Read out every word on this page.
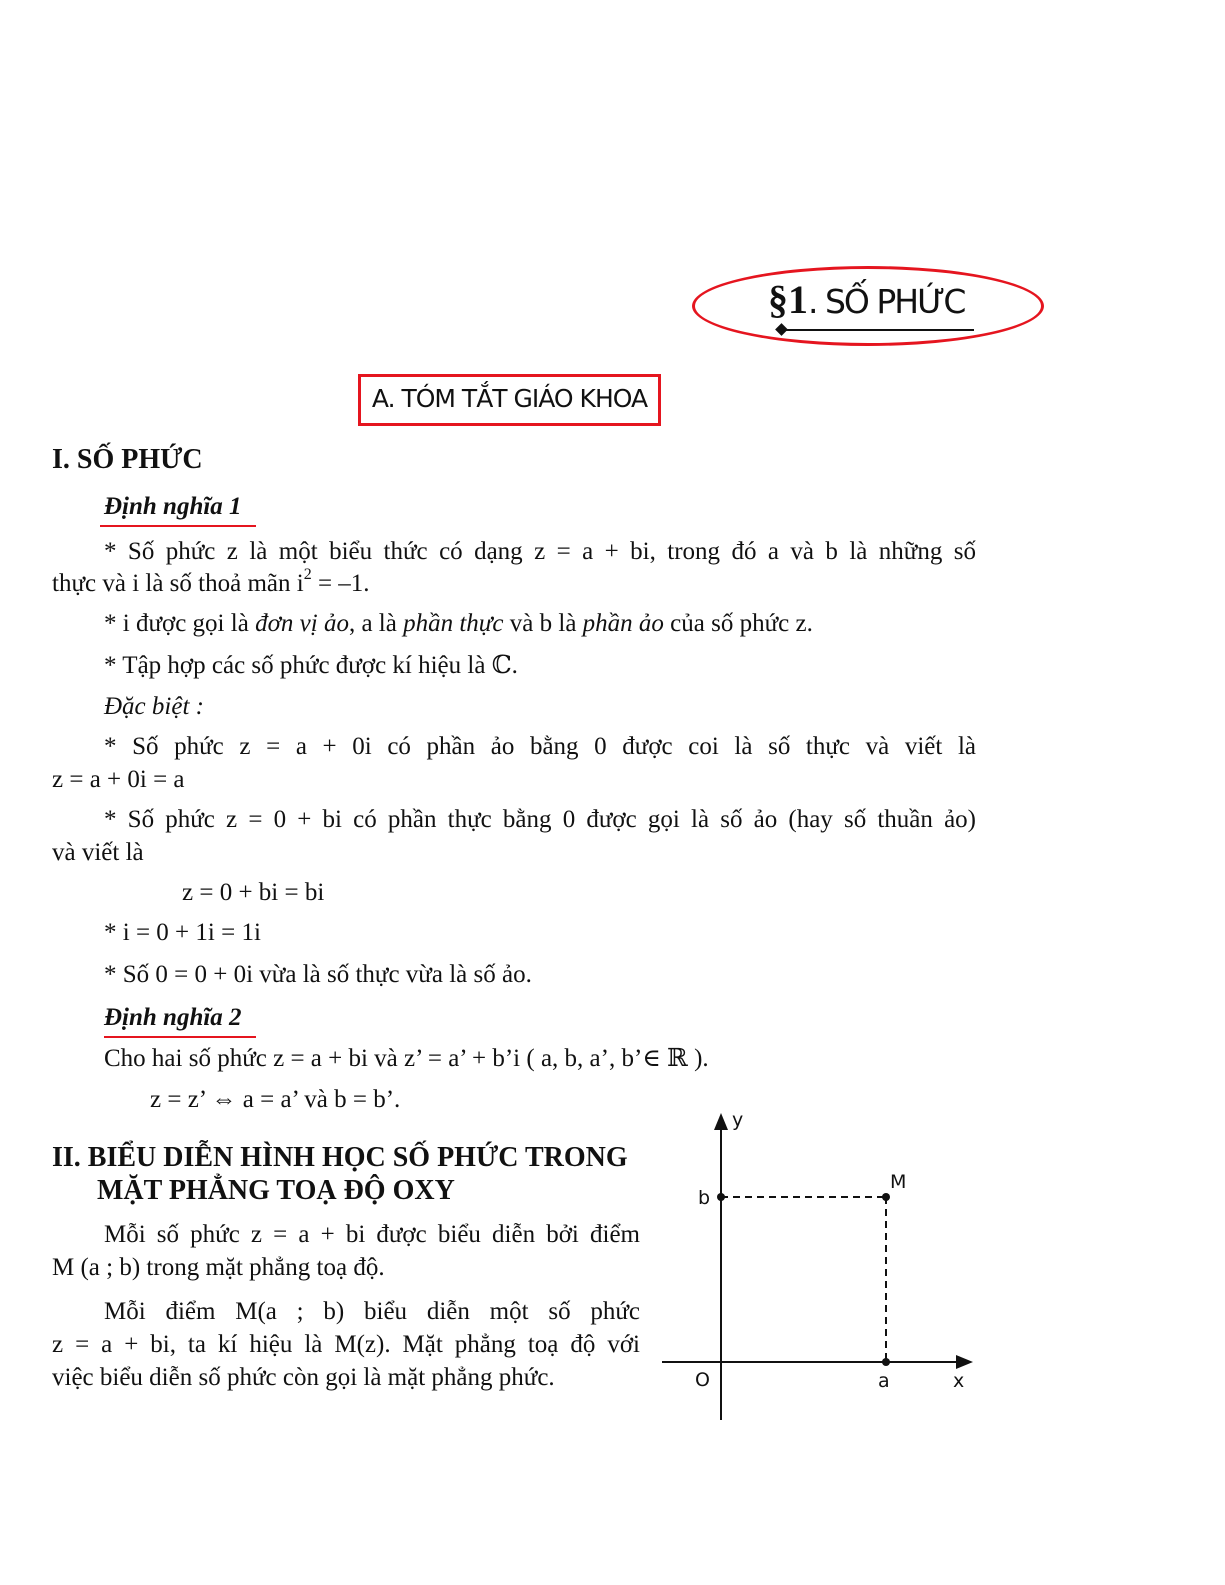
§1. SỐ PHỨC
A. TÓM TẮT GIÁO KHOA
I. SỐ PHỨC
Định nghĩa 1
* Số phức z là một biểu thức có dạng z = a + bi, trong đó a và b là những số
thực và i là số thoả mãn $i^2 = -1$.
* i được gọi là đơn vị ảo, a là phần thực và b là phần ảo của số phức z.
* Tập hợp các số phức được kí hiệu là ℂ.
Đặc biệt :
* Số phức z = a + 0i có phần ảo bằng 0 được coi là số thực và viết là
z = a + 0i = a
* Số phức z = 0 + bi có phần thực bằng 0 được gọi là số ảo (hay số thuần ảo)
và viết là
z = 0 + bi = bi
* i = 0 + 1i = 1i
* Số 0 = 0 + 0i vừa là số thực vừa là số ảo.
Định nghĩa 2
Cho hai số phức z = a + bi và z’ = a’ + b’i ( a, b, a’, b’∈ ℝ ).
z = z’ ⇔ a = a’ và b = b’.
II. BIỂU DIỄN HÌNH HỌC SỐ PHỨC TRONG
MẶT PHẲNG TOẠ ĐỘ OXY
Mỗi số phức z = a + bi được biểu diễn bởi điểm
M (a ; b) trong mặt phẳng toạ độ.
Mỗi điểm M(a ; b) biểu diễn một số phức
z = a + bi, ta kí hiệu là M(z). Mặt phẳng toạ độ với
việc biểu diễn số phức còn gọi là mặt phẳng phức.
y
x
O
M
a
b
